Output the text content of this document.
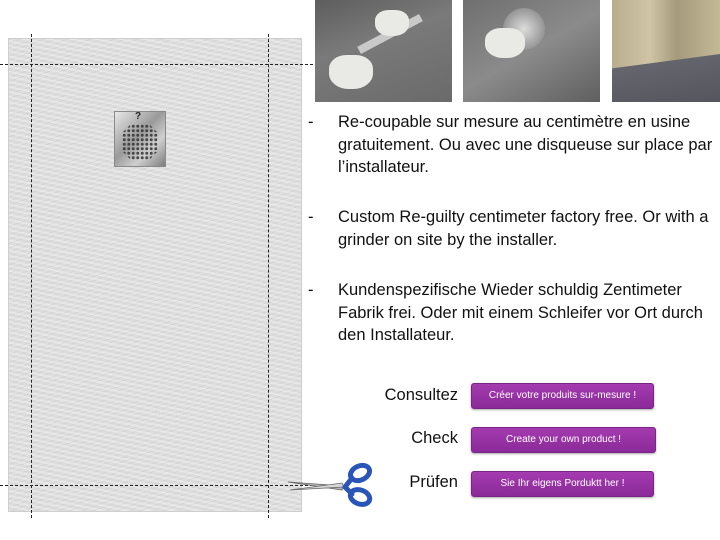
?	- Re-coupable sur mesure au centimètre en usine gratuitement. Ou avec une disqueuse sur place par l’installateur.
- Custom Re-guilty centimeter factory free. Or with a grinder on site by the installer.
- Kundenspezifische Wieder schuldig Zentimeter Fabrik frei. Oder mit einem Schleifer vor Ort durch den Installateur.
Consultez	Créer votre produits sur-mesure !
Check	Create your own product !
Prüfen	Sie Ihr eigens Porduktt her !
